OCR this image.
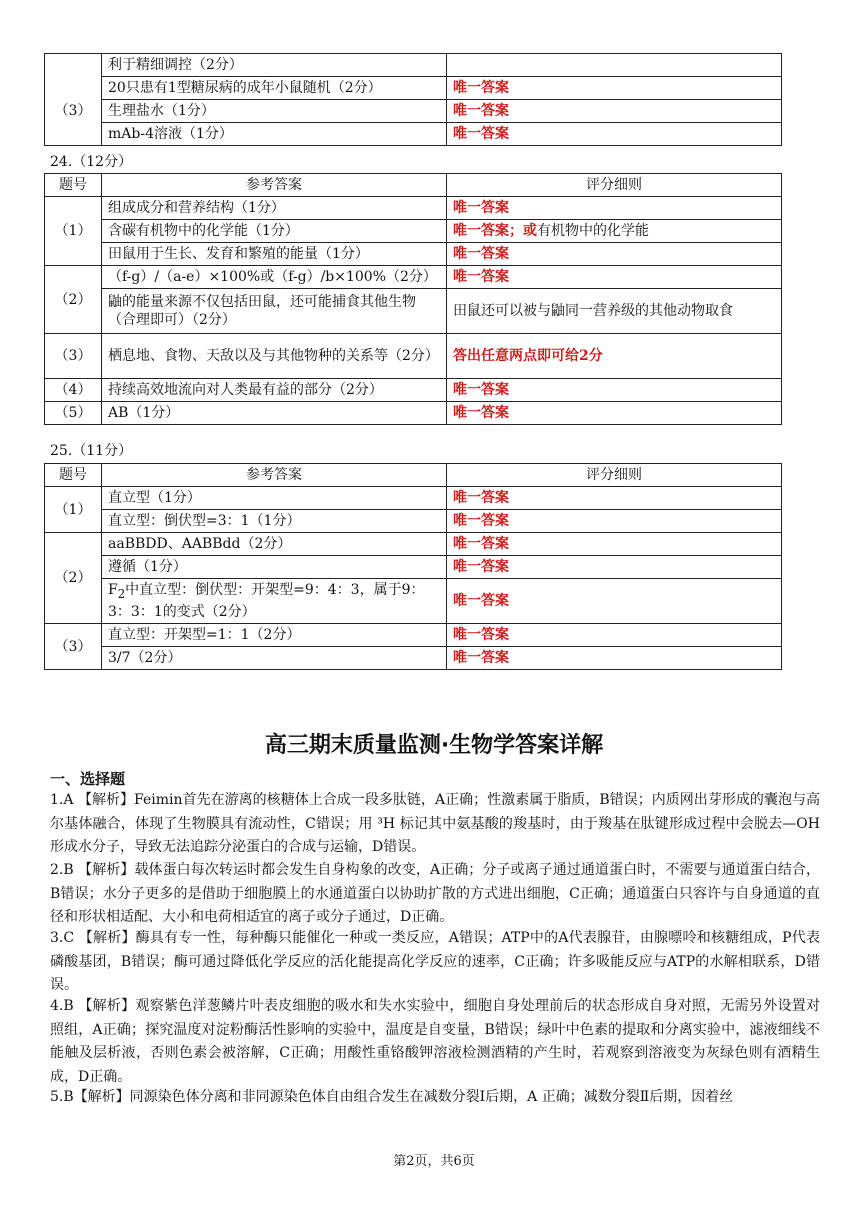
	利于精细调控（2分）	
（3）	20只患有1型糖尿病的成年小鼠随机（2分）	唯一答案
	生理盐水（1分）	唯一答案
	mAb-4溶液（1分）	唯一答案
24.（12分）
题号	参考答案	评分细则
（1）	组成成分和营养结构（1分）	唯一答案
	含碳有机物中的化学能（1分）	唯一答案；或有机物中的化学能
	田鼠用于生长、发育和繁殖的能量（1分）	唯一答案
（2）	（f-g）/（a-e）×100%或（f-g）/b×100%（2分）	唯一答案
	鼬的能量来源不仅包括田鼠，还可能捕食其他生物（合理即可）（2分）	田鼠还可以被与鼬同一营养级的其他动物取食
（3）	栖息地、食物、天敌以及与其他物种的关系等（2分）	答出任意两点即可给2分
（4）	持续高效地流向对人类最有益的部分（2分）	唯一答案
（5）	AB（1分）	唯一答案
25.（11分）
题号	参考答案	评分细则
（1）	直立型（1分）	唯一答案
	直立型：倒伏型=3：1（1分）	唯一答案
（2）	aaBBDD、AABBdd（2分）	唯一答案
	遵循（1分）	唯一答案
	$F_2$中直立型：倒伏型：开架型=9：4：3，属于9：3：3：1的变式（2分）	唯一答案
（3）	直立型：开架型=1：1（2分）	唯一答案
	3/7（2分）	唯一答案
高三期末质量监测·生物学答案详解
一、选择题
1.A 【解析】Feimin首先在游离的核糖体上合成一段多肽链，A正确；性激素属于脂质，B错误；内质网出芽形成的囊泡与高尔基体融合，体现了生物膜具有流动性，C错误；用 ³H 标记其中氨基酸的羧基时，由于羧基在肽键形成过程中会脱去—OH形成水分子，导致无法追踪分泌蛋白的合成与运输，D错误。
2.B 【解析】载体蛋白每次转运时都会发生自身构象的改变，A正确；分子或离子通过通道蛋白时，不需要与通道蛋白结合，B错误；水分子更多的是借助于细胞膜上的水通道蛋白以协助扩散的方式进出细胞，C正确；通道蛋白只容许与自身通道的直径和形状相适配、大小和电荷相适宜的离子或分子通过，D正确。
3.C 【解析】酶具有专一性，每种酶只能催化一种或一类反应，A错误；ATP中的A代表腺苷，由腺嘌呤和核糖组成，P代表磷酸基团，B错误；酶可通过降低化学反应的活化能提高化学反应的速率，C正确；许多吸能反应与ATP的水解相联系，D错误。
4.B 【解析】观察紫色洋葱鳞片叶表皮细胞的吸水和失水实验中，细胞自身处理前后的状态形成自身对照，无需另外设置对照组，A正确；探究温度对淀粉酶活性影响的实验中，温度是自变量，B错误；绿叶中色素的提取和分离实验中，滤液细线不能触及层析液，否则色素会被溶解，C正确；用酸性重铬酸钾溶液检测酒精的产生时，若观察到溶液变为灰绿色则有酒精生成，D正确。
5.B【解析】同源染色体分离和非同源染色体自由组合发生在减数分裂Ⅰ后期，A 正确；减数分裂Ⅱ后期，因着丝
第2页，共6页
